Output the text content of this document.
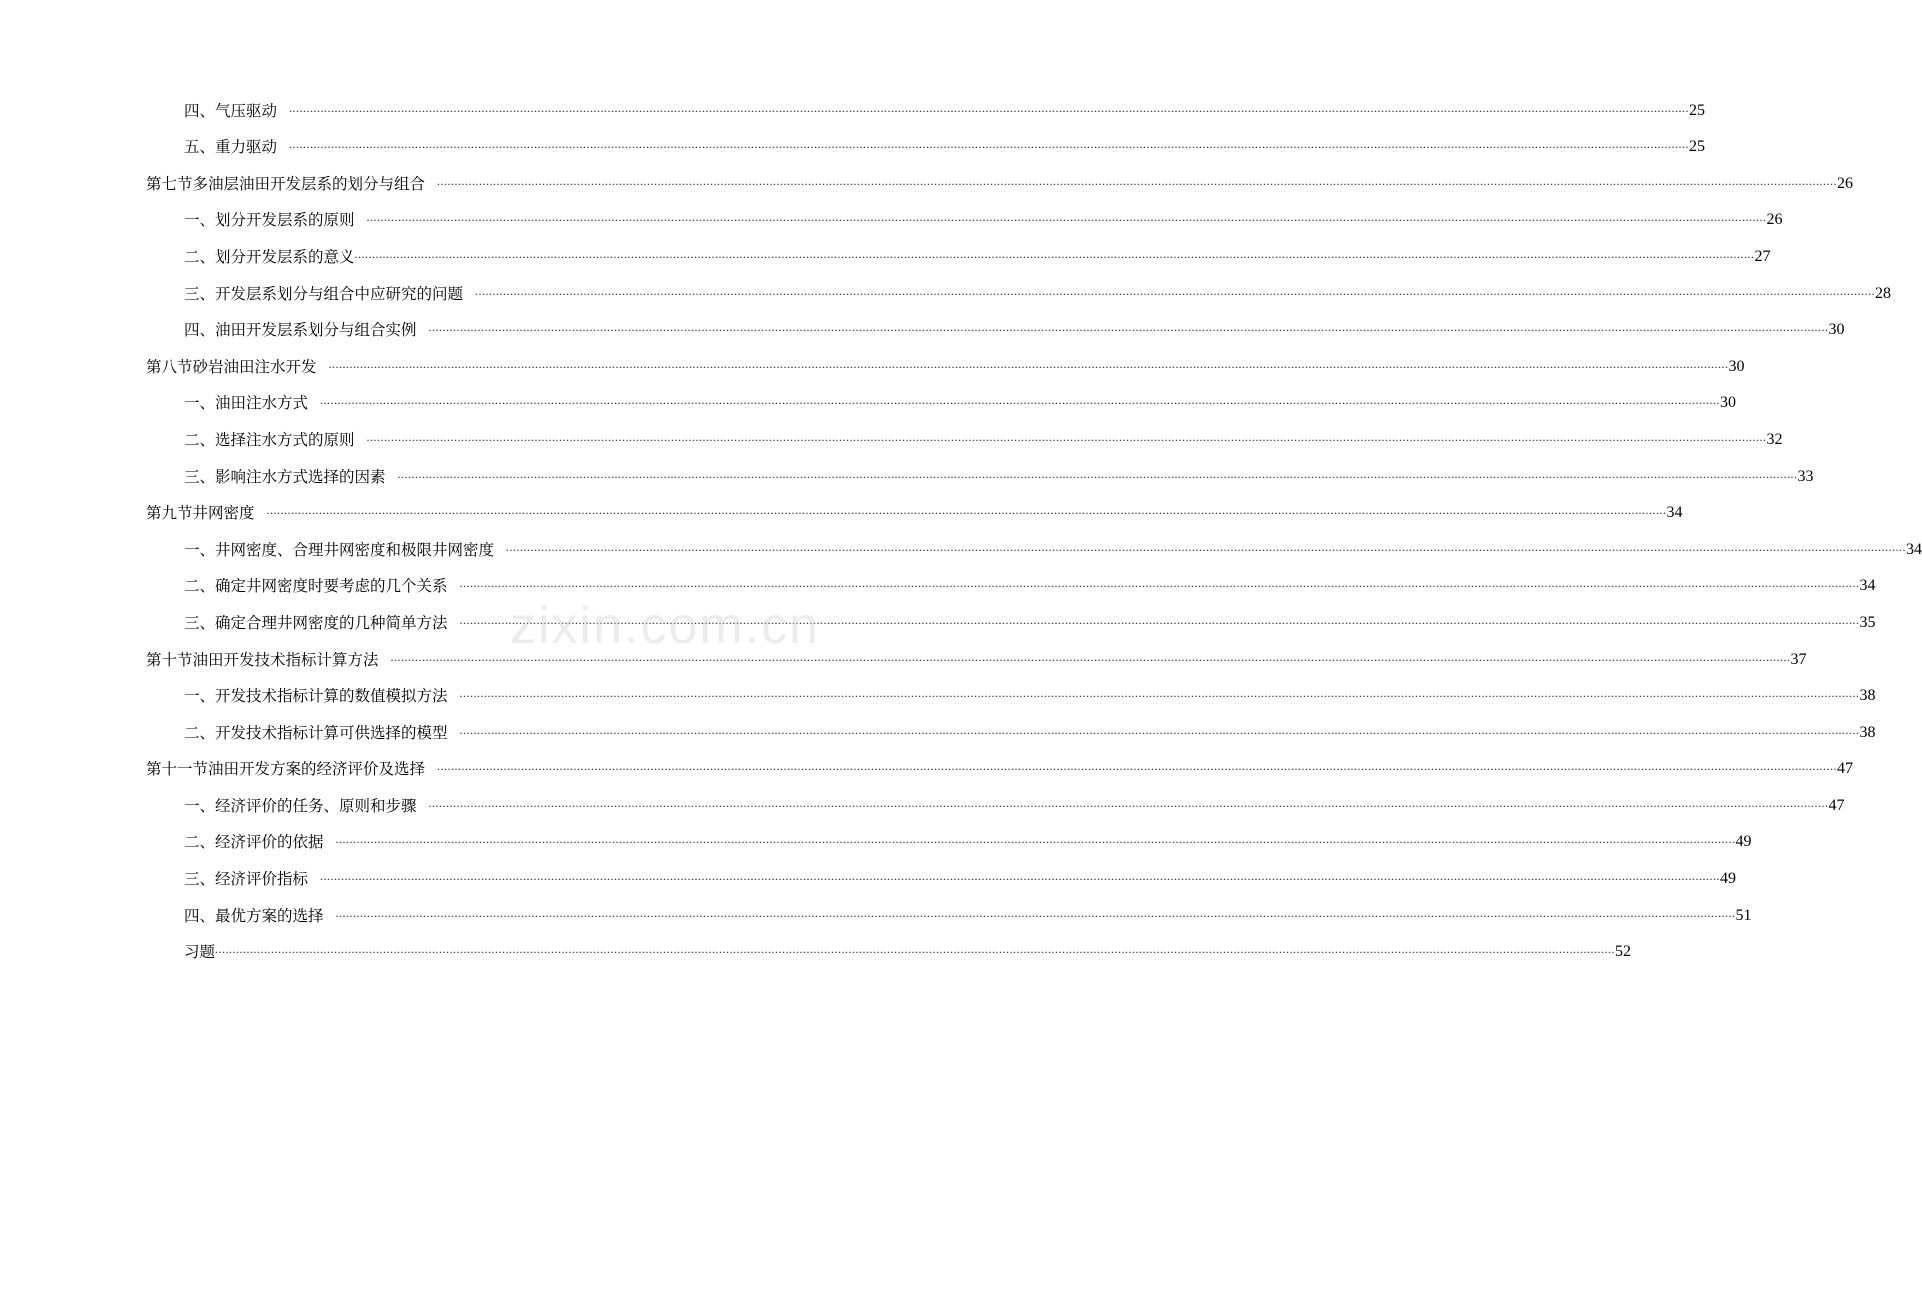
四、气压驱动	................................................................................................................................................................................................................................................................................................................................................................................................................ 25
五、重力驱动	................................................................................................................................................................................................................................................................................................................................................................................................................ 25
第七节多油层油田开发层系的划分与组合	................................................................................................................................................................................................................................................................................................................................................................................................................ 26
一、划分开发层系的原则	................................................................................................................................................................................................................................................................................................................................................................................................................ 26
二、划分开发层系的意义 ................................................................................................................................................................................................................................................................................................................................................................................................................ 27
三、开发层系划分与组合中应研究的问题	................................................................................................................................................................................................................................................................................................................................................................................................................ 28
四、油田开发层系划分与组合实例	................................................................................................................................................................................................................................................................................................................................................................................................................ 30
第八节砂岩油田注水开发	................................................................................................................................................................................................................................................................................................................................................................................................................ 30
一、油田注水方式	................................................................................................................................................................................................................................................................................................................................................................................................................ 30
二、选择注水方式的原则	................................................................................................................................................................................................................................................................................................................................................................................................................ 32
三、影响注水方式选择的因素	................................................................................................................................................................................................................................................................................................................................................................................................................ 33
第九节井网密度	................................................................................................................................................................................................................................................................................................................................................................................................................ 34
一、井网密度、合理井网密度和极限井网密度	................................................................................................................................................................................................................................................................................................................................................................................................................ 34
二、确定井网密度时要考虑的几个关系	................................................................................................................................................................................................................................................................................................................................................................................................................ 34
三、确定合理井网密度的几种简单方法	................................................................................................................................................................................................................................................................................................................................................................................................................ 35
第十节油田开发技术指标计算方法	................................................................................................................................................................................................................................................................................................................................................................................................................ 37
一、开发技术指标计算的数值模拟方法	................................................................................................................................................................................................................................................................................................................................................................................................................ 38
二、开发技术指标计算可供选择的模型	................................................................................................................................................................................................................................................................................................................................................................................................................ 38
第十一节油田开发方案的经济评价及选择	................................................................................................................................................................................................................................................................................................................................................................................................................ 47
一、经济评价的任务、原则和步骤	................................................................................................................................................................................................................................................................................................................................................................................................................ 47
二、经济评价的依据	................................................................................................................................................................................................................................................................................................................................................................................................................ 49
三、经济评价指标	................................................................................................................................................................................................................................................................................................................................................................................................................ 49
四、最优方案的选择	................................................................................................................................................................................................................................................................................................................................................................................................................ 51
习题 ................................................................................................................................................................................................................................................................................................................................................................................................................ 52
zixin.com.cn
